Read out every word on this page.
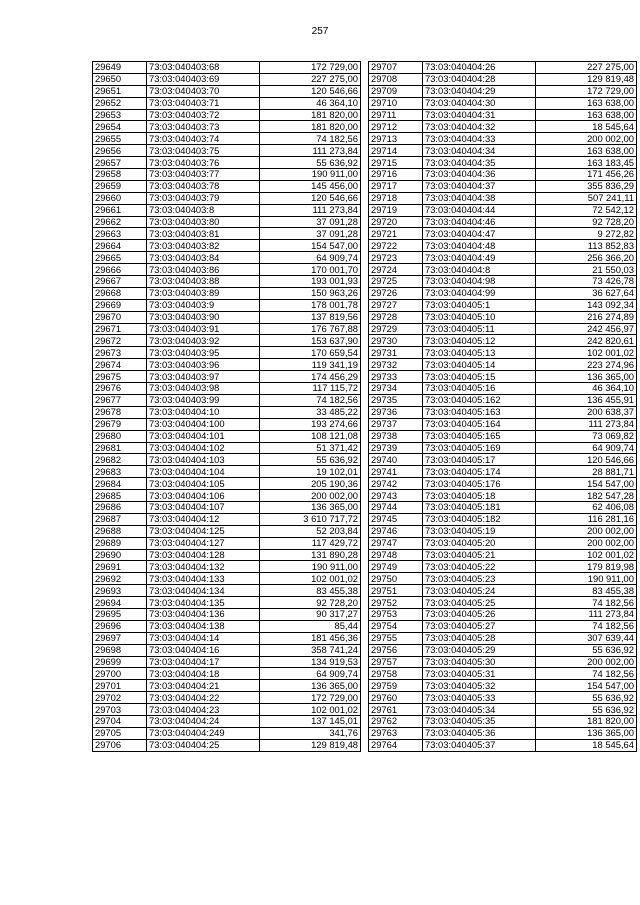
257
29649	73:03:040403:68	172 729,00
29650	73:03:040403:69	227 275,00
29651	73:03:040403:70	120 546,66
29652	73:03:040403:71	46 364,10
29653	73:03:040403:72	181 820,00
29654	73:03:040403:73	181 820,00
29655	73:03:040403:74	74 182,56
29656	73:03:040403:75	111 273,84
29657	73:03:040403:76	55 636,92
29658	73:03:040403:77	190 911,00
29659	73:03:040403:78	145 456,00
29660	73:03:040403:79	120 546,66
29661	73:03:040403:8	111 273,84
29662	73:03:040403:80	37 091,28
29663	73:03:040403:81	37 091,28
29664	73:03:040403:82	154 547,00
29665	73:03:040403:84	64 909,74
29666	73:03:040403:86	170 001,70
29667	73:03:040403:88	193 001,93
29668	73:03:040403:89	150 963,26
29669	73:03:040403:9	178 001,78
29670	73:03:040403:90	137 819,56
29671	73:03:040403:91	176 767,88
29672	73:03:040403:92	153 637,90
29673	73:03:040403:95	170 659,54
29674	73:03:040403:96	119 341,19
29675	73:03:040403:97	174 456,29
29676	73:03:040403:98	117 115,72
29677	73:03:040403:99	74 182,56
29678	73:03:040404:10	33 485,22
29679	73:03:040404:100	193 274,66
29680	73:03:040404:101	108 121,08
29681	73:03:040404:102	51 371,42
29682	73:03:040404:103	55 636,92
29683	73:03:040404:104	19 102,01
29684	73:03:040404:105	205 190,36
29685	73:03:040404:106	200 002,00
29686	73:03:040404:107	136 365,00
29687	73:03:040404:12	3 610 717,72
29688	73:03:040404:125	52 203,84
29689	73:03:040404:127	117 429,72
29690	73:03:040404:128	131 890,28
29691	73:03:040404:132	190 911,00
29692	73:03:040404:133	102 001,02
29693	73:03:040404:134	83 455,38
29694	73:03:040404:135	92 728,20
29695	73:03:040404:136	90 317,27
29696	73:03:040404:138	85,44
29697	73:03:040404:14	181 456,36
29698	73:03:040404:16	358 741,24
29699	73:03:040404:17	134 919,53
29700	73:03:040404:18	64 909,74
29701	73:03:040404:21	136 365,00
29702	73:03:040404:22	172 729,00
29703	73:03:040404:23	102 001,02
29704	73:03:040404:24	137 145,01
29705	73:03:040404:249	341,76
29706	73:03:040404:25	129 819,48
29707	73:03:040404:26	227 275,00
29708	73:03:040404:28	129 819,48
29709	73:03:040404:29	172 729,00
29710	73:03:040404:30	163 638,00
29711	73:03:040404:31	163 638,00
29712	73:03:040404:32	18 545,64
29713	73:03:040404:33	200 002,00
29714	73:03:040404:34	163 638,00
29715	73:03:040404:35	163 183,45
29716	73:03:040404:36	171 456,26
29717	73:03:040404:37	355 836,29
29718	73:03:040404:38	507 241,11
29719	73:03:040404:44	72 542,12
29720	73:03:040404:46	92 728,20
29721	73:03:040404:47	9 272,82
29722	73:03:040404:48	113 852,83
29723	73:03:040404:49	256 366,20
29724	73:03:040404:8	21 550,03
29725	73:03:040404:98	73 426,78
29726	73:03:040404:99	36 627,64
29727	73:03:040405:1	143 092,34
29728	73:03:040405:10	216 274,89
29729	73:03:040405:11	242 456,97
29730	73:03:040405:12	242 820,61
29731	73:03:040405:13	102 001,02
29732	73:03:040405:14	223 274,96
29733	73:03:040405:15	136 365,00
29734	73:03:040405:16	46 364,10
29735	73:03:040405:162	136 455,91
29736	73:03:040405:163	200 638,37
29737	73:03:040405:164	111 273,84
29738	73:03:040405:165	73 069,82
29739	73:03:040405:169	64 909,74
29740	73:03:040405:17	120 546,66
29741	73:03:040405:174	28 881,71
29742	73:03:040405:176	154 547,00
29743	73:03:040405:18	182 547,28
29744	73:03:040405:181	62 406,08
29745	73:03:040405:182	116 281,16
29746	73:03:040405:19	200 002,00
29747	73:03:040405:20	200 002,00
29748	73:03:040405:21	102 001,02
29749	73:03:040405:22	179 819,98
29750	73:03:040405:23	190 911,00
29751	73:03:040405:24	83 455,38
29752	73:03:040405:25	74 182,56
29753	73:03:040405:26	111 273,84
29754	73:03:040405:27	74 182,56
29755	73:03:040405:28	307 639,44
29756	73:03:040405:29	55 636,92
29757	73:03:040405:30	200 002,00
29758	73:03:040405:31	74 182,56
29759	73:03:040405:32	154 547,00
29760	73:03:040405:33	55 636,92
29761	73:03:040405:34	55 636,92
29762	73:03:040405:35	181 820,00
29763	73:03:040405:36	136 365,00
29764	73:03:040405:37	18 545,64
